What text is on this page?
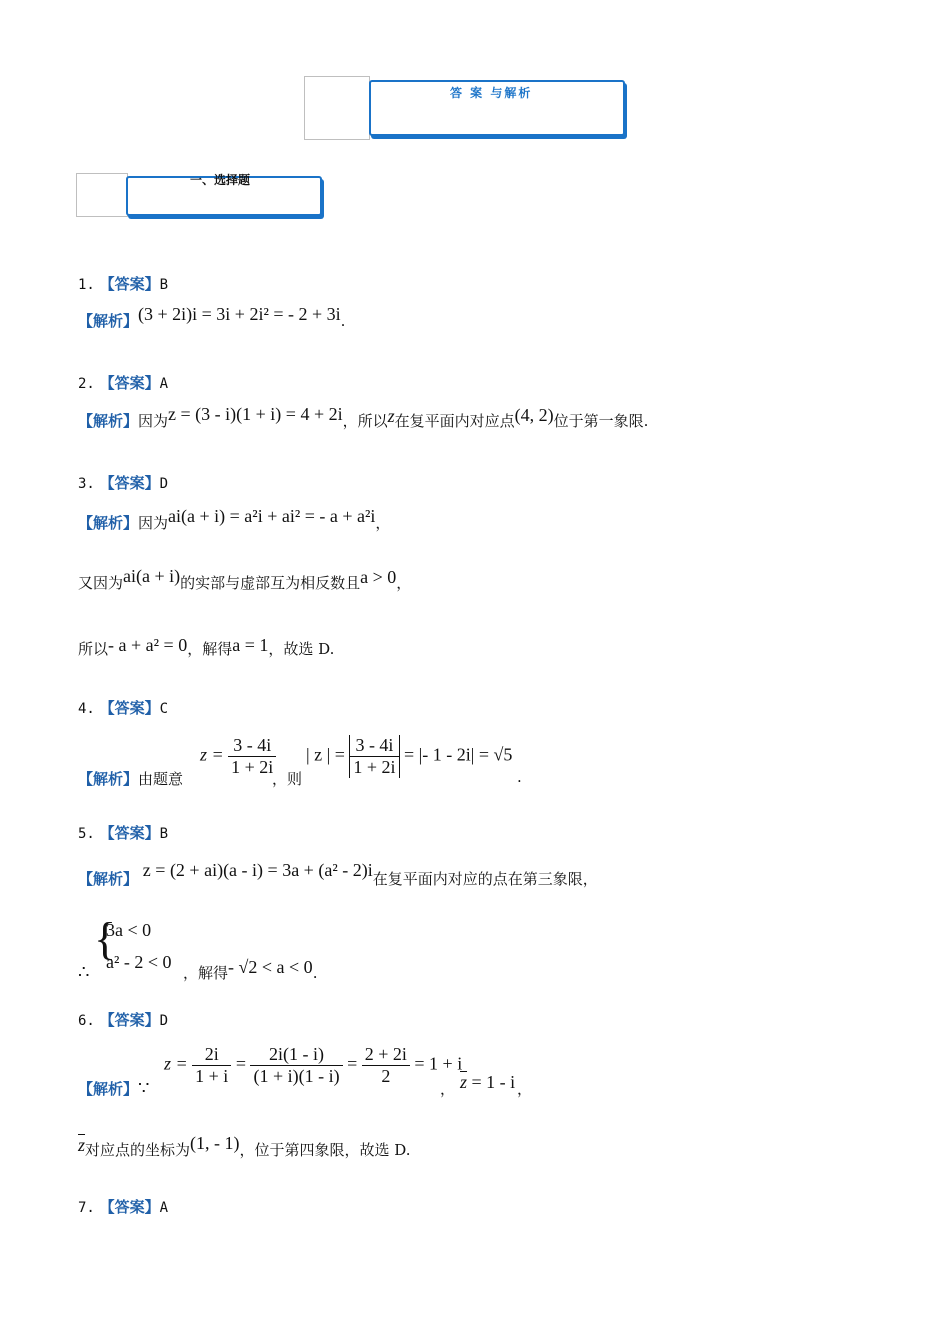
答 案 与解析
一、选择题
1. 【答案】B
【解析】(3 + 2i)i = 3i + 2i² = - 2 + 3i.
2. 【答案】A
【解析】因为z = (3 - i)(1 + i) = 4 + 2i，所以z在复平面内对应点(4, 2)位于第一象限.
3. 【答案】D
【解析】因为ai(a + i) = a²i + ai² = - a + a²i，
又因为ai(a + i)的实部与虚部互为相反数且a > 0，
所以- a + a² = 0，解得a = 1，故选 D.
4. 【答案】C
【解析】由题意
$z = \frac{3 - 4i}{1 + 2i}$
，则
| z | = $\frac{3 - 4i}{1 + 2i}$ = |- 1 - 2i| = √5
.
5. 【答案】B
【解析】 z = (2 + ai)(a - i) = 3a + (a² - 2)i在复平面内对应的点在第三象限，
{
3a < 0
a² - 2 < 0
∴	，解得- √2 < a < 0.
6. 【答案】D
【解析】∵
$z = \frac{2i}{1 + i} = \frac{2i(1 - i)}{(1 + i)(1 - i)} = \frac{2 + 2i}{2} = 1 + i$
， $\overline{z} = 1 - i$ ，
$\overline{z}$对应点的坐标为(1, - 1)，位于第四象限，故选 D.
7. 【答案】A
